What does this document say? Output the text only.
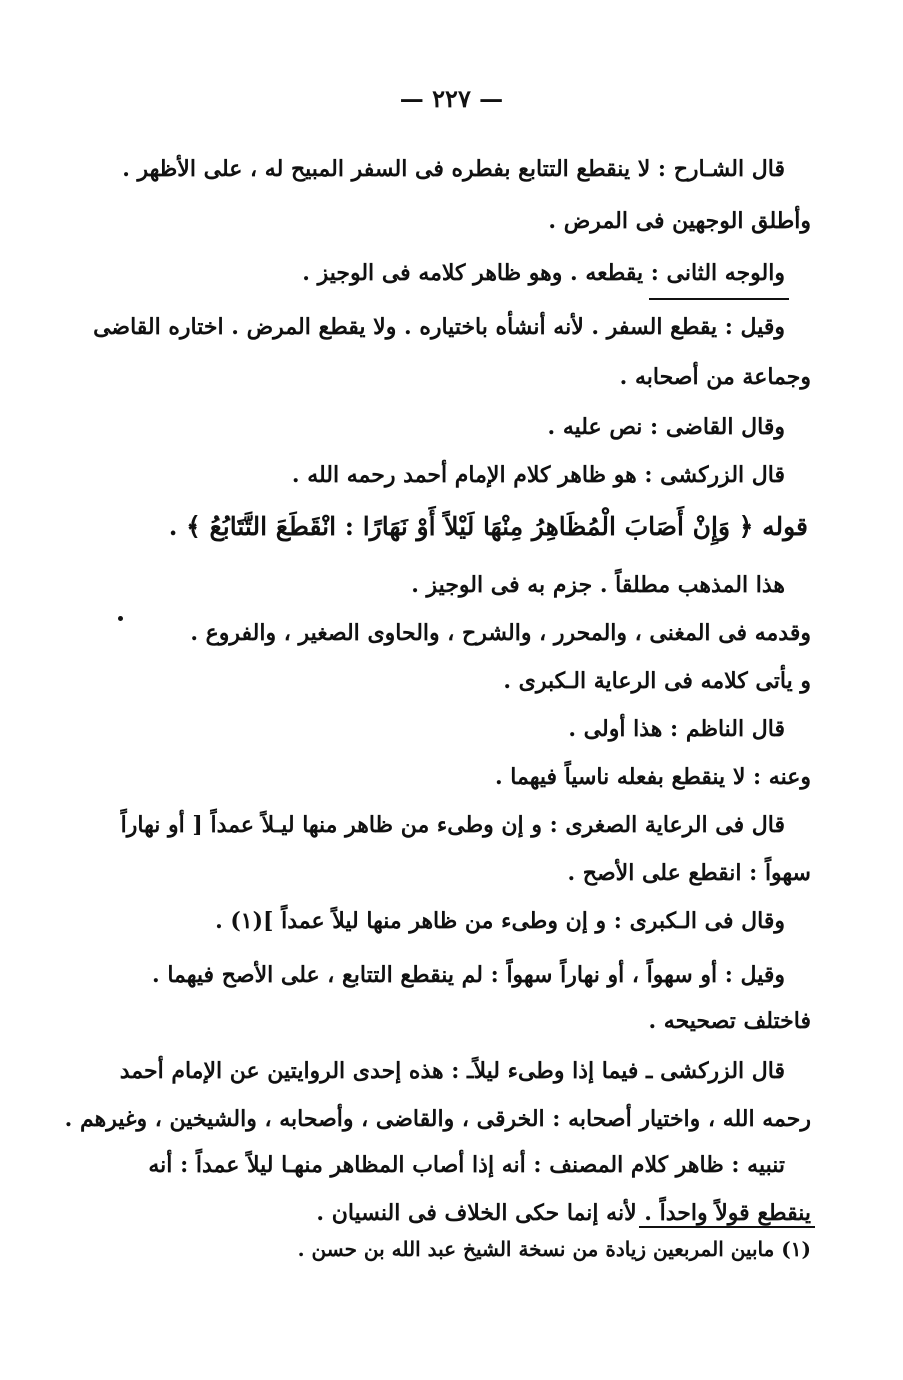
— ٢٢٧ —
قال الشـارح : لا ينقطع التتابع بفطره فى السفر المبيح له ، على الأظهر .
وأطلق الوجهين فى المرض .
والوجه الثانى : يقطعه . وهو ظاهر كلامه فى الوجيز .
وقيل : يقطع السفر . لأنه أنشأه باختياره . ولا يقطع المرض . اختاره القاضى
وجماعة من أصحابه .
وقال القاضى : نص عليه .
قال الزركشى : هو ظاهر كلام الإمام أحمد رحمه الله .
قوله ﴿ وَإِنْ أَصَابَ الْمُظَاهِرُ مِنْهَا لَيْلاً أَوْ نَهَارًا : انْقَطَعَ التَّتَابُعُ ﴾ .
هذا المذهب مطلقاً . جزم به فى الوجيز .
وقدمه فى المغنى ، والمحرر ، والشرح ، والحاوى الصغير ، والفروع .
و يأتى كلامه فى الرعاية الـكبرى .
قال الناظم : هذا أولى .
وعنه : لا ينقطع بفعله ناسياً فيهما .
قال فى الرعاية الصغرى : و إن وطىء من ظاهر منها ليـلاً عمداً [ أو نهاراً
سهواً : انقطع على الأصح .
وقال فى الـكبرى : و إن وطىء من ظاهر منها ليلاً عمداً ](١) .
وقيل : أو سهواً ، أو نهاراً سهواً : لم ينقطع التتابع ، على الأصح فيهما .
فاختلف تصحيحه .
قال الزركشى ـ فيما إذا وطىء ليلاًـ : هذه إحدى الروايتين عن الإمام أحمد
رحمه الله ، واختيار أصحابه : الخرقى ، والقاضى ، وأصحابه ، والشيخين ، وغيرهم .
تنبيه : ظاهر كلام المصنف : أنه إذا أصاب المظاهر منهـا ليلاً عمداً : أنه
ينقطع قولاً واحداً . لأنه إنما حكى الخلاف فى النسيان .
(١) مابين المربعين زيادة من نسخة الشيخ عبد الله بن حسن .
